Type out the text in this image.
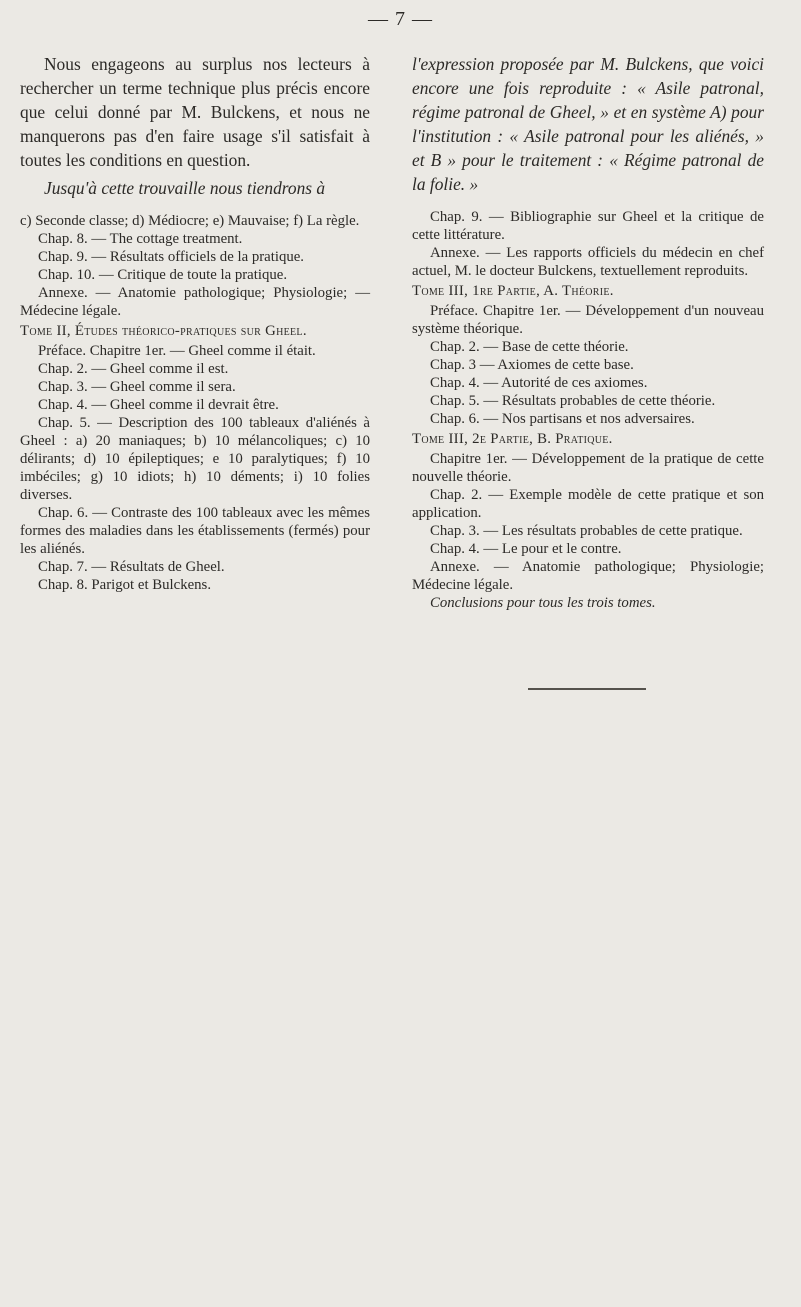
— 7 —

Nous engageons au surplus nos lecteurs à rechercher un terme technique plus précis encore que celui donné par M. Bulckens, et nous ne manquerons pas d'en faire usage s'il satisfait à toutes les conditions en question.

Jusqu'à cette trouvaille nous tiendrons à

c) Seconde classe; d) Médiocre; e) Mauvaise; f) La règle.

Chap. 8. — The cottage treatment.

Chap. 9. — Résultats officiels de la pratique.

Chap. 10. — Critique de toute la pratique.

Annexe. — Anatomie pathologique; Physiologie; — Médecine légale.

Tome II, Études théorico-pratiques sur Gheel.

Préface. Chapitre 1er. — Gheel comme il était.

Chap. 2. — Gheel comme il est.

Chap. 3. — Gheel comme il sera.

Chap. 4. — Gheel comme il devrait être.

Chap. 5. — Description des 100 tableaux d'aliénés à Gheel : a) 20 maniaques; b) 10 mélancoliques; c) 10 délirants; d) 10 épileptiques; e 10 paralytiques; f) 10 imbéciles; g) 10 idiots; h) 10 déments; i) 10 folies diverses.

Chap. 6. — Contraste des 100 tableaux avec les mêmes formes des maladies dans les établissements (fermés) pour les aliénés.

Chap. 7. — Résultats de Gheel.

Chap. 8. Parigot et Bulckens.

l'expression proposée par M. Bulckens, que voici encore une fois reproduite : « Asile patronal, régime patronal de Gheel, » et en système A) pour l'institution : « Asile patronal pour les aliénés, » et B » pour le traitement : « Régime patronal de la folie. »

Chap. 9. — Bibliographie sur Gheel et la critique de cette littérature.

Annexe. — Les rapports officiels du médecin en chef actuel, M. le docteur Bulckens, textuellement reproduits.

Tome III, 1re Partie, A. Théorie.

Préface. Chapitre 1er. — Développement d'un nouveau système théorique.

Chap. 2. — Base de cette théorie.

Chap. 3 — Axiomes de cette base.

Chap. 4. — Autorité de ces axiomes.

Chap. 5. — Résultats probables de cette théorie.

Chap. 6. — Nos partisans et nos adversaires.

Tome III, 2e Partie, B. Pratique.

Chapitre 1er. — Développement de la pratique de cette nouvelle théorie.

Chap. 2. — Exemple modèle de cette pratique et son application.

Chap. 3. — Les résultats probables de cette pratique.

Chap. 4. — Le pour et le contre.

Annexe. — Anatomie pathologique; Physiologie; Médecine légale.

Conclusions pour tous les trois tomes.
